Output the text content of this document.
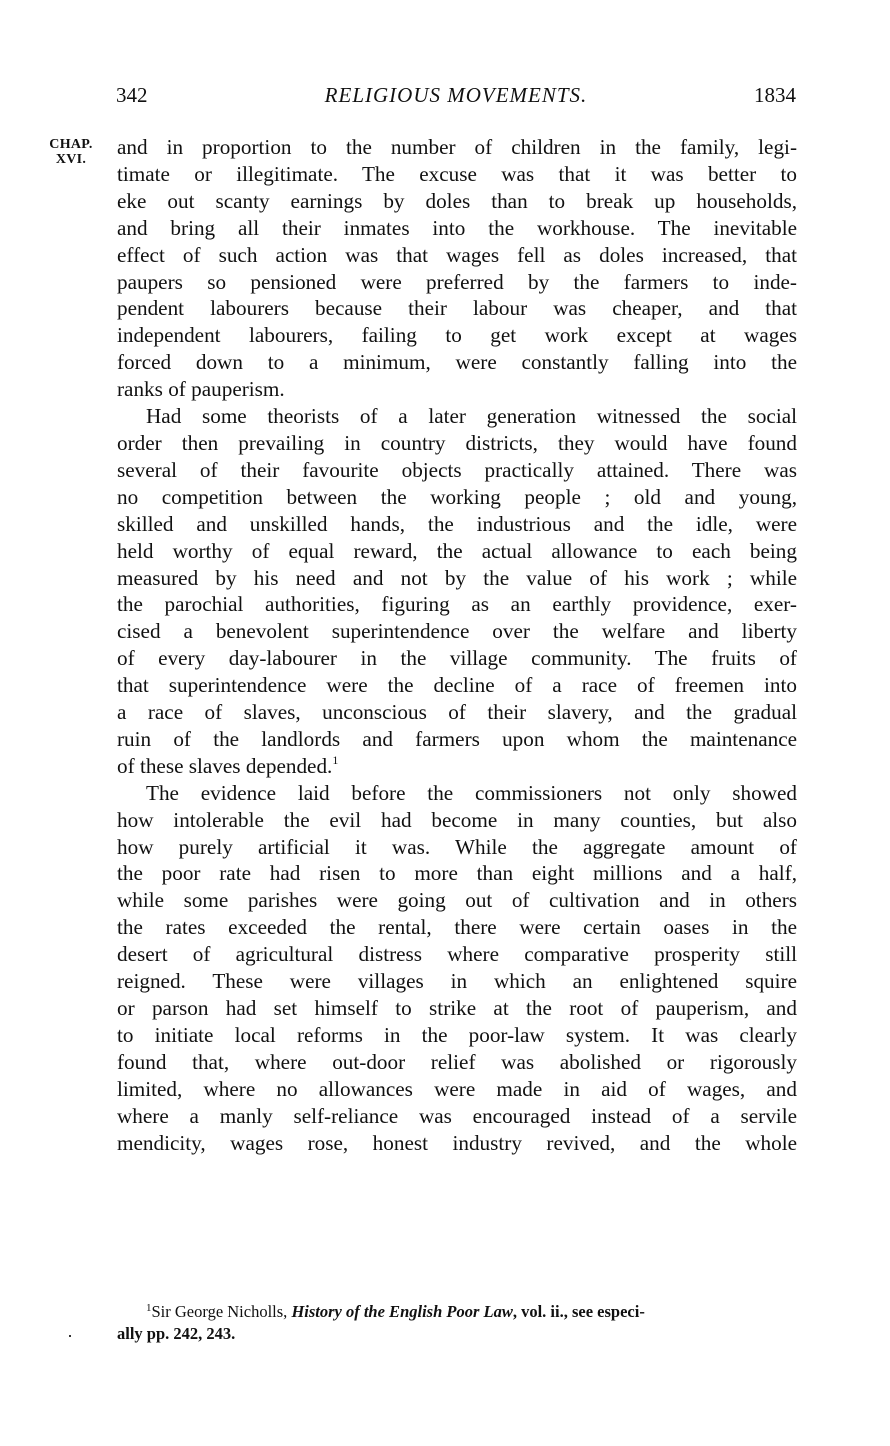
342	RELIGIOUS MOVEMENTS.	1834
CHAP.
XVI.
and in proportion to the number of children in the family, legi-
timate or illegitimate. The excuse was that it was better to
eke out scanty earnings by doles than to break up households,
and bring all their inmates into the workhouse. The inevitable
effect of such action was that wages fell as doles increased, that
paupers so pensioned were preferred by the farmers to inde-
pendent labourers because their labour was cheaper, and that
independent labourers, failing to get work except at wages
forced down to a minimum, were constantly falling into the
ranks of pauperism.
Had some theorists of a later generation witnessed the social
order then prevailing in country districts, they would have found
several of their favourite objects practically attained. There was
no competition between the working people ; old and young,
skilled and unskilled hands, the industrious and the idle, were
held worthy of equal reward, the actual allowance to each being
measured by his need and not by the value of his work ; while
the parochial authorities, figuring as an earthly providence, exer-
cised a benevolent superintendence over the welfare and liberty
of every day-labourer in the village community. The fruits of
that superintendence were the decline of a race of freemen into
a race of slaves, unconscious of their slavery, and the gradual
ruin of the landlords and farmers upon whom the maintenance
of these slaves depended.$^1$
The evidence laid before the commissioners not only showed
how intolerable the evil had become in many counties, but also
how purely artificial it was. While the aggregate amount of
the poor rate had risen to more than eight millions and a half,
while some parishes were going out of cultivation and in others
the rates exceeded the rental, there were certain oases in the
desert of agricultural distress where comparative prosperity still
reigned. These were villages in which an enlightened squire
or parson had set himself to strike at the root of pauperism, and
to initiate local reforms in the poor-law system. It was clearly
found that, where out-door relief was abolished or rigorously
limited, where no allowances were made in aid of wages, and
where a manly self-reliance was encouraged instead of a servile
mendicity, wages rose, honest industry revived, and the whole
$^1$Sir George Nicholls, History of the English Poor Law, vol. ii., see especi-
ally pp. 242, 243.
